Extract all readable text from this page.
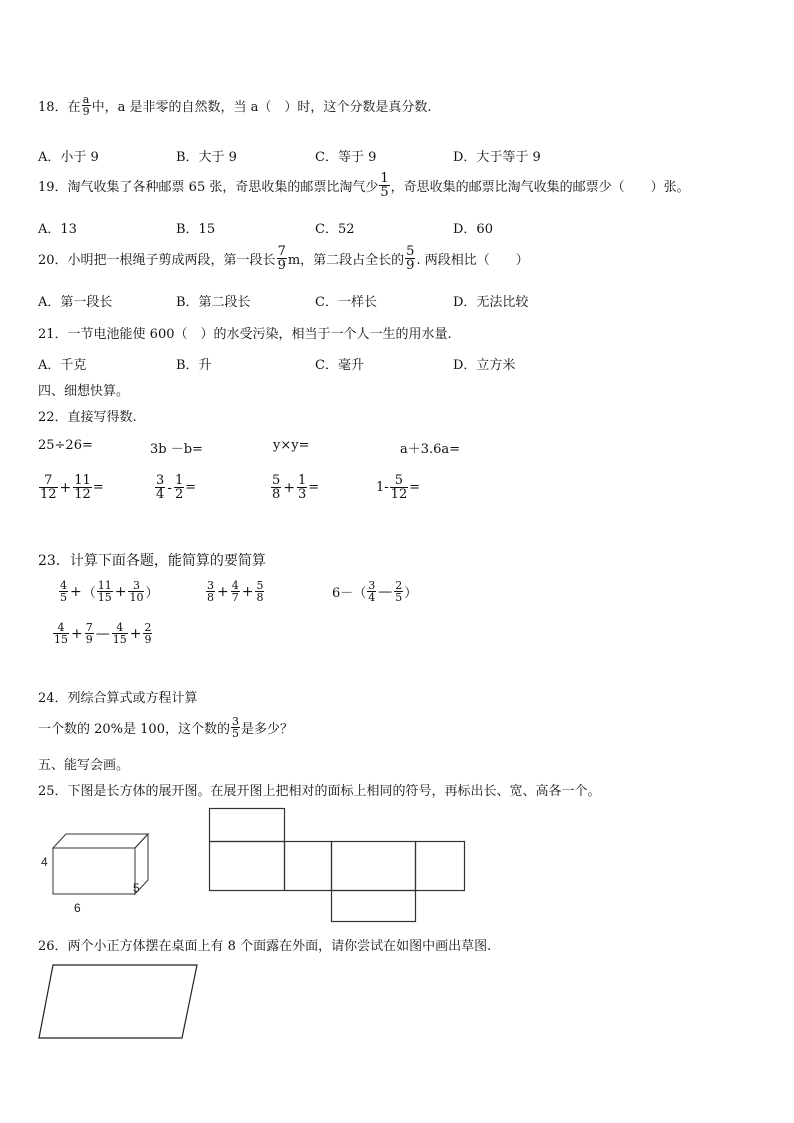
18．在 $\frac{a}{9}$ 中，a 是非零的自然数，当 a（　）时，这个分数是真分数.
A．小于 9	B．大于 9	C．等于 9	D．大于等于 9
19．淘气收集了各种邮票 65 张，奇思收集的邮票比淘气少 $\frac{1}{5}$ ，奇思收集的邮票比淘气收集的邮票少（　　）张。
A．13	B．15	C．52	D．60
20．小明把一根绳子剪成两段，第一段长 $\frac{7}{9}$ m，第二段占全长的 $\frac{5}{9}$ . 两段相比（　　）
A．第一段长	B．第二段长	C．一样长	D．无法比较
21．一节电池能使 600（　）的水受污染，相当于一个人一生的用水量.
A．千克	B．升	C．毫升	D．立方米
四、细想快算。
22．直接写得数.
25÷26=	3b －b=	y×y=	a＋3.6a=
$\frac{7}{12} + \frac{11}{12}$ =	$\frac{3}{4} - \frac{1}{2}$ =	$\frac{5}{8} + \frac{1}{3}$ =	$1- \frac{5}{12}$ =
23．计算下面各题，能简算的要简算
$\frac{4}{5}$ +（ $\frac{11}{15} + \frac{3}{10}$ ）	$\frac{3}{8} + \frac{4}{7} + \frac{5}{8}$	$6-( \frac{3}{4}$ — $\frac{2}{5}$ ）
$\frac{4}{15} + \frac{7}{9}$ — $\frac{4}{15} + \frac{2}{9}$
24．列综合算式或方程计算
一个数的 20%是 100，这个数的 $\frac{3}{5}$ 是多少？
五、能写会画。
25．下图是长方体的展开图。在展开图上把相对的面标上相同的符号，再标出长、宽、高各一个。
4
5
6
26．两个小正方体摆在桌面上有 8 个面露在外面，请你尝试在如图中画出草图.
